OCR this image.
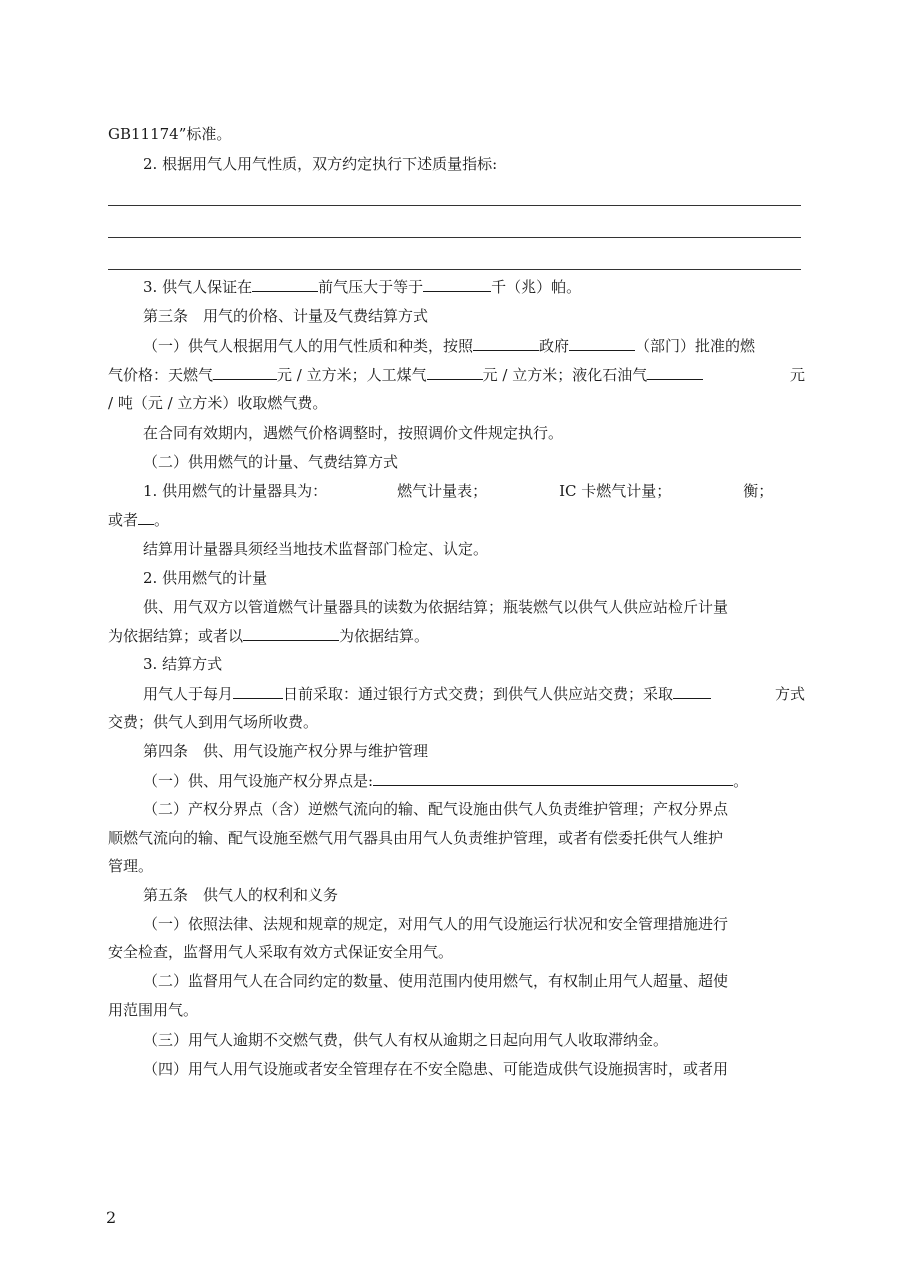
GB11174”标准。
2. 根据用气人用气性质，双方约定执行下述质量指标:
3. 供气人保证在	前气压大于等于	千（兆）帕。
第三条　用气的价格、计量及气费结算方式
（一）供气人根据用气人的用气性质和种类，按照	政府	（部门）批准的燃
气价格：天燃气	元 / 立方米；人工煤气	元 / 立方米；液化石油气	元
/ 吨（元 / 立方米）收取燃气费。
在合同有效期内，遇燃气价格调整时，按照调价文件规定执行。
（二）供用燃气的计量、气费结算方式
1. 供用燃气的计量器具为：	燃气计量表；	IC 卡燃气计量；	衡；
或者 。
结算用计量器具须经当地技术监督部门检定、认定。
2. 供用燃气的计量
供、用气双方以管道燃气计量器具的读数为依据结算；瓶装燃气以供气人供应站检斤计量
为依据结算；或者以	为依据结算。
3. 结算方式
用气人于每月	日前采取：通过银行方式交费；到供气人供应站交费；采取	方式
交费；供气人到用气场所收费。
第四条　供、用气设施产权分界与维护管理
（一）供、用气设施产权分界点是:	。
（二）产权分界点（含）逆燃气流向的输、配气设施由供气人负责维护管理；产权分界点
顺燃气流向的输、配气设施至燃气用气器具由用气人负责维护管理，或者有偿委托供气人维护
管理。
第五条　供气人的权利和义务
（一）依照法律、法规和规章的规定，对用气人的用气设施运行状况和安全管理措施进行
安全检查，监督用气人采取有效方式保证安全用气。
（二）监督用气人在合同约定的数量、使用范围内使用燃气，有权制止用气人超量、超使
用范围用气。
（三）用气人逾期不交燃气费，供气人有权从逾期之日起向用气人收取滞纳金。
（四）用气人用气设施或者安全管理存在不安全隐患、可能造成供气设施损害时，或者用
2
